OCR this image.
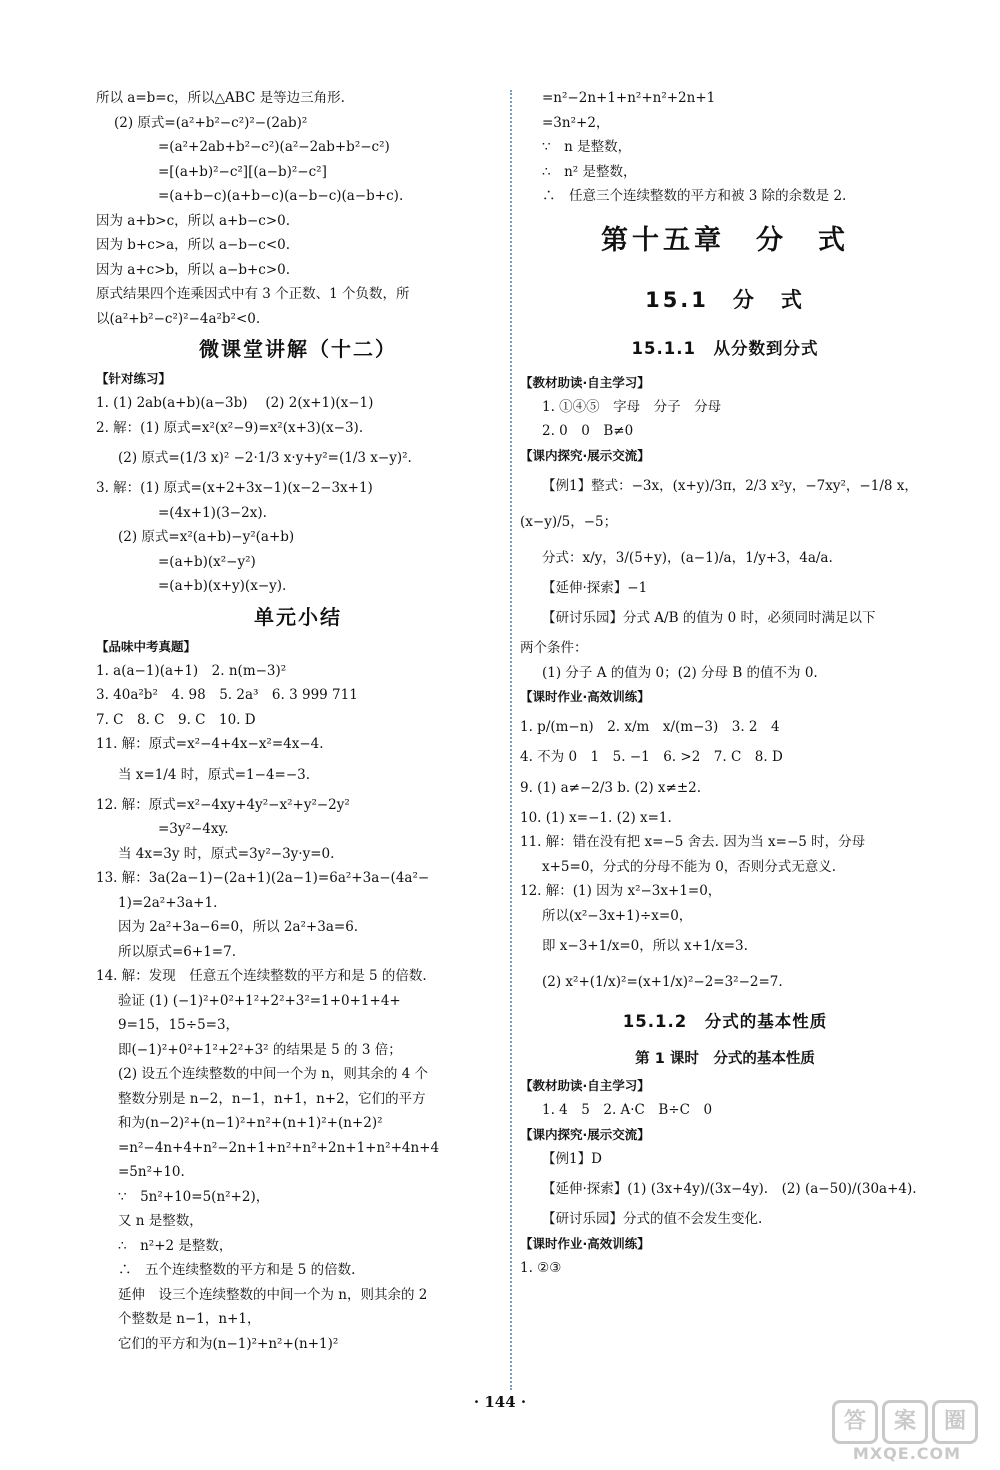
所以 a=b=c，所以△ABC 是等边三角形.
(2) 原式=(a²+b²−c²)²−(2ab)²
=(a²+2ab+b²−c²)(a²−2ab+b²−c²)
=[(a+b)²−c²][(a−b)²−c²]
=(a+b−c)(a+b−c)(a−b−c)(a−b+c).
因为 a+b>c，所以 a+b−c>0.
因为 b+c>a，所以 a−b−c<0.
因为 a+c>b，所以 a−b+c>0.
原式结果四个连乘因式中有 3 个正数、1 个负数，所
以(a²+b²−c²)²−4a²b²<0.
微课堂讲解（十二）
【针对练习】
1. (1) 2ab(a+b)(a−3b)　 (2) 2(x+1)(x−1)
2. 解：(1) 原式=x²(x²−9)=x²(x+3)(x−3).
(2) 原式=(1/3 x)² −2·1/3 x·y+y²=(1/3 x−y)².
3. 解：(1) 原式=(x+2+3x−1)(x−2−3x+1)
=(4x+1)(3−2x).
(2) 原式=x²(a+b)−y²(a+b)
=(a+b)(x²−y²)
=(a+b)(x+y)(x−y).
单元小结
【品味中考真题】
1. a(a−1)(a+1)　2. n(m−3)²
3. 40a²b²　4. 98　5. 2a³　6. 3 999 711
7. C　8. C　9. C　10. D
11. 解：原式=x²−4+4x−x²=4x−4.
当 x=1/4 时，原式=1−4=−3.
12. 解：原式=x²−4xy+4y²−x²+y²−2y²
=3y²−4xy.
当 4x=3y 时，原式=3y²−3y·y=0.
13. 解：3a(2a−1)−(2a+1)(2a−1)=6a²+3a−(4a²−
1)=2a²+3a+1.
因为 2a²+3a−6=0，所以 2a²+3a=6.
所以原式=6+1=7.
14. 解：发现　任意五个连续整数的平方和是 5 的倍数.
验证 (1) (−1)²+0²+1²+2²+3²=1+0+1+4+
9=15，15÷5=3，
即(−1)²+0²+1²+2²+3² 的结果是 5 的 3 倍；
(2) 设五个连续整数的中间一个为 n，则其余的 4 个
整数分别是 n−2，n−1，n+1，n+2，它们的平方
和为(n−2)²+(n−1)²+n²+(n+1)²+(n+2)²
=n²−4n+4+n²−2n+1+n²+n²+2n+1+n²+4n+4
=5n²+10.
∵　5n²+10=5(n²+2)，
又 n 是整数，
∴　n²+2 是整数，
∴　五个连续整数的平方和是 5 的倍数.
延伸　设三个连续整数的中间一个为 n，则其余的 2
个整数是 n−1，n+1，
它们的平方和为(n−1)²+n²+(n+1)²
=n²−2n+1+n²+n²+2n+1
=3n²+2，
∵　n 是整数，
∴　n² 是整数，
∴　任意三个连续整数的平方和被 3 除的余数是 2.
第十五章　分　式
15.1　分　式
15.1.1　从分数到分式
【教材助读·自主学习】
1. ①④⑤　字母　分子　分母
2. 0　0　B≠0
【课内探究·展示交流】
【例1】整式：−3x，(x+y)/3π，2/3 x²y，−7xy²，−1/8 x，
(x−y)/5，−5；
分式：x/y，3/(5+y)，(a−1)/a，1/y+3，4a/a.
【延伸·探索】−1
【研讨乐园】分式 A/B 的值为 0 时，必须同时满足以下
两个条件：
(1) 分子 A 的值为 0；(2) 分母 B 的值不为 0.
【课时作业·高效训练】
1. p/(m−n)　2. x/m　x/(m−3)　3. 2　4
4. 不为 0　1　5. −1　6. >2　7. C　8. D
9. (1) a≠−2/3 b. (2) x≠±2.
10. (1) x=−1. (2) x=1.
11. 解：错在没有把 x=−5 舍去. 因为当 x=−5 时，分母
x+5=0，分式的分母不能为 0，否则分式无意义.
12. 解：(1) 因为 x²−3x+1=0，
所以(x²−3x+1)÷x=0，
即 x−3+1/x=0，所以 x+1/x=3.
(2) x²+(1/x)²=(x+1/x)²−2=3²−2=7.
15.1.2　分式的基本性质
第 1 课时　分式的基本性质
【教材助读·自主学习】
1. 4　5　2. A·C　B÷C　0
【课内探究·展示交流】
【例1】D
【延伸·探索】(1) (3x+4y)/(3x−4y).　(2) (a−50)/(30a+4).
【研讨乐园】分式的值不会发生变化.
【课时作业·高效训练】
1. ②③
· 144 ·
答	案	圈
MXQE.COM
